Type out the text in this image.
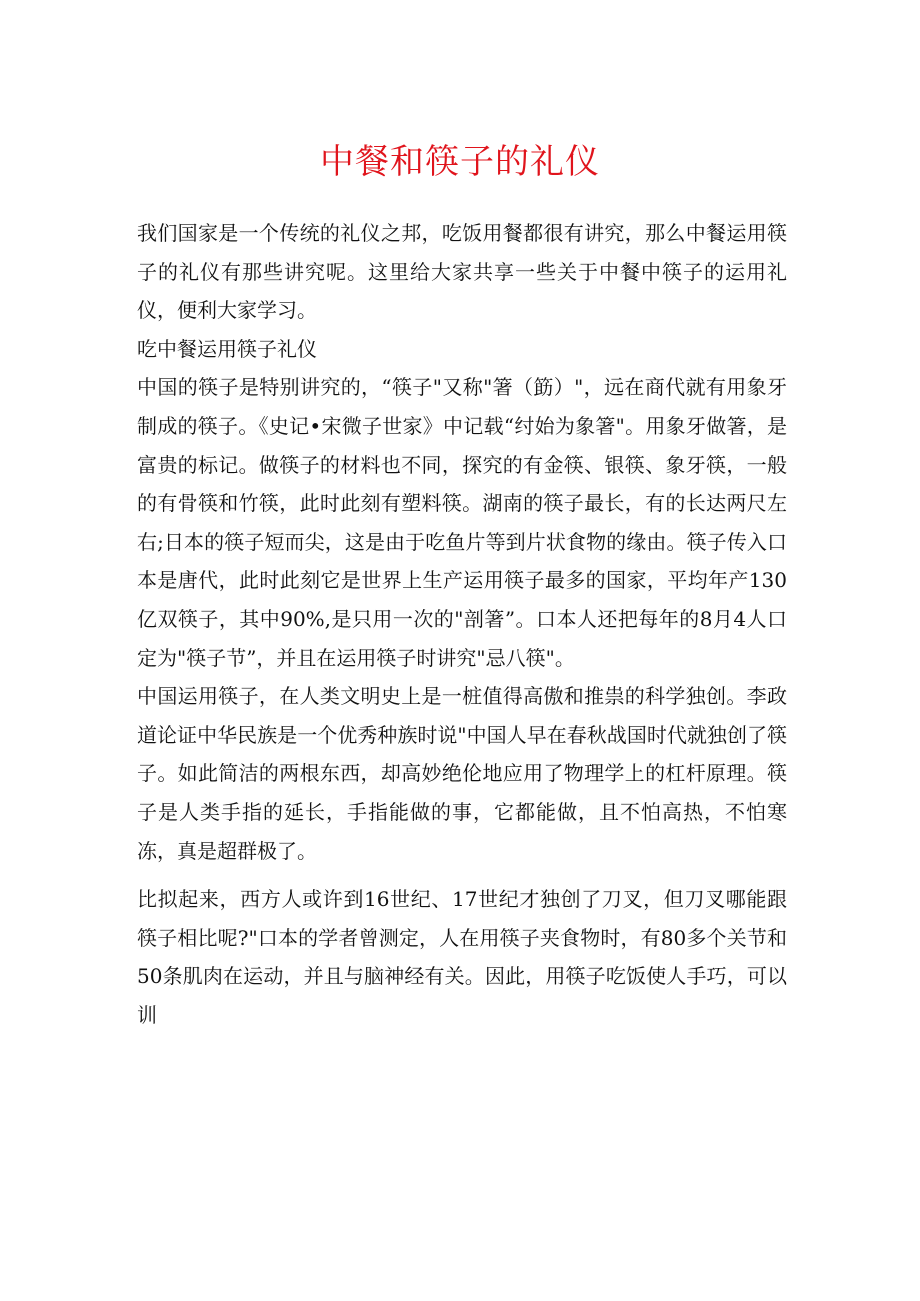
中餐和筷子的礼仪

我们国家是一个传统的礼仪之邦，吃饭用餐都很有讲究，那么中餐运用筷子的礼仪有那些讲究呢。这里给大家共享一些关于中餐中筷子的运用礼仪，便利大家学习。

吃中餐运用筷子礼仪

中国的筷子是特别讲究的，“筷子"又称"箸（筯）"，远在商代就有用象牙制成的筷子。《史记•宋微子世家》中记载“纣始为象箸"。用象牙做箸，是富贵的标记。做筷子的材料也不同，探究的有金筷、银筷、象牙筷，一般的有骨筷和竹筷，此时此刻有塑料筷。湖南的筷子最长，有的长达两尺左右;日本的筷子短而尖，这是由于吃鱼片等到片状食物的缘由。筷子传入口本是唐代，此时此刻它是世界上生产运用筷子最多的国家，平均年产130亿双筷子，其中90%,是只用一次的"剖箸”。口本人还把每年的8月4人口定为"筷子节”，并且在运用筷子时讲究"忌八筷"。

中国运用筷子，在人类文明史上是一桩值得高傲和推祟的科学独创。李政道论证中华民族是一个优秀种族时说"中国人早在春秋战国时代就独创了筷子。如此简洁的两根东西，却高妙绝伦地应用了物理学上的杠杆原理。筷子是人类手指的延长，手指能做的事，它都能做，且不怕高热，不怕寒冻，真是超群极了。

比拟起来，西方人或许到16世纪、17世纪才独创了刀叉，但刀叉哪能跟筷子相比呢?"口本的学者曾测定，人在用筷子夹食物时，有80多个关节和50条肌肉在运动，并且与脑神经有关。因此，用筷子吃饭使人手巧，可以训
